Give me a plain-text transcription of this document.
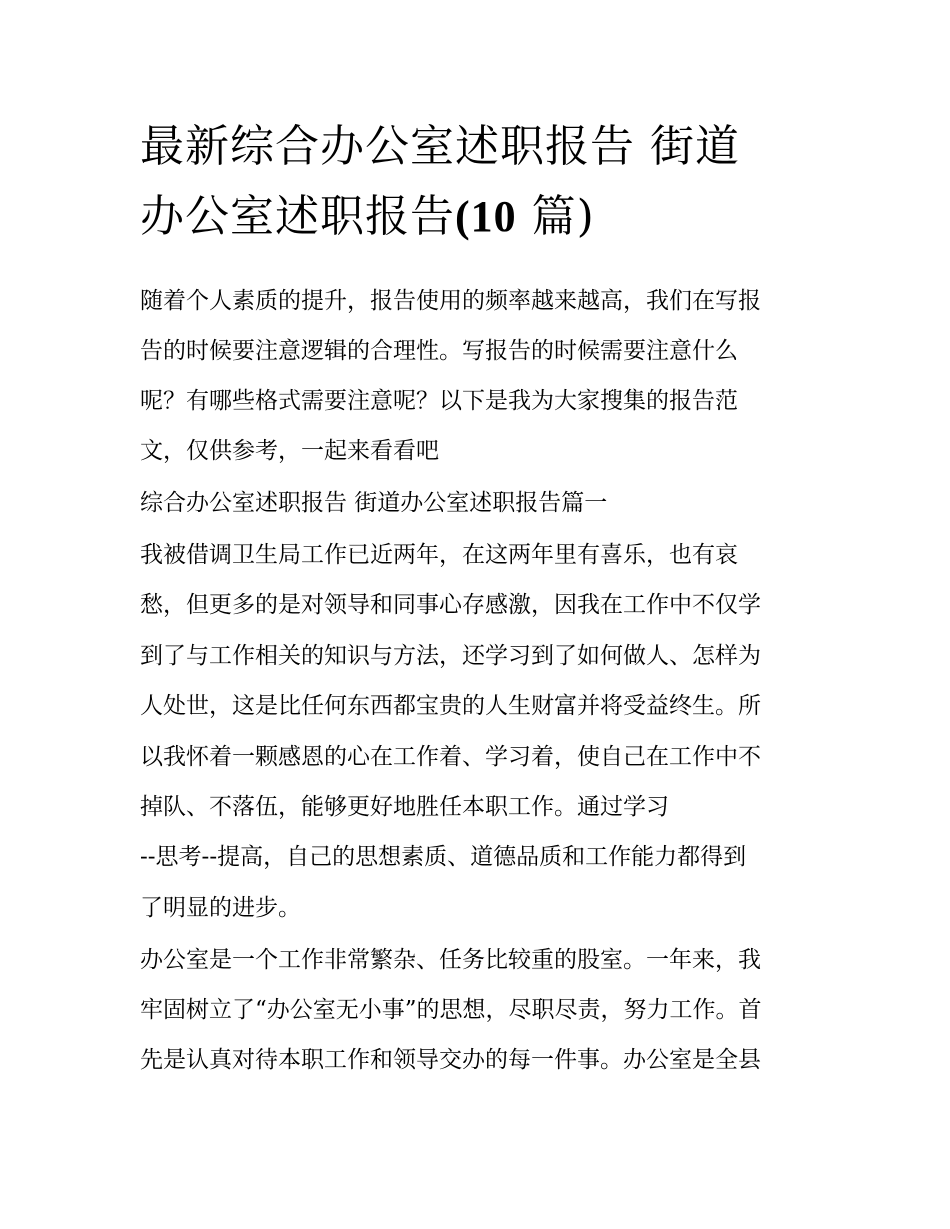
最新综合办公室述职报告 街道
办公室述职报告(10 篇)

随着个人素质的提升，报告使用的频率越来越高，我们在写报

告的时候要注意逻辑的合理性。写报告的时候需要注意什么

呢？有哪些格式需要注意呢？以下是我为大家搜集的报告范

文，仅供参考，一起来看看吧

综合办公室述职报告 街道办公室述职报告篇一

我被借调卫生局工作已近两年，在这两年里有喜乐，也有哀

愁，但更多的是对领导和同事心存感激，因我在工作中不仅学

到了与工作相关的知识与方法，还学习到了如何做人、怎样为

人处世，这是比任何东西都宝贵的人生财富并将受益终生。所

以我怀着一颗感恩的心在工作着、学习着，使自己在工作中不

掉队、不落伍，能够更好地胜任本职工作。通过学习

--思考--提高，自己的思想素质、道德品质和工作能力都得到

了明显的进步。

办公室是一个工作非常繁杂、任务比较重的股室。一年来，我

牢固树立了“办公室无小事”的思想，尽职尽责，努力工作。首

先是认真对待本职工作和领导交办的每一件事。办公室是全县
